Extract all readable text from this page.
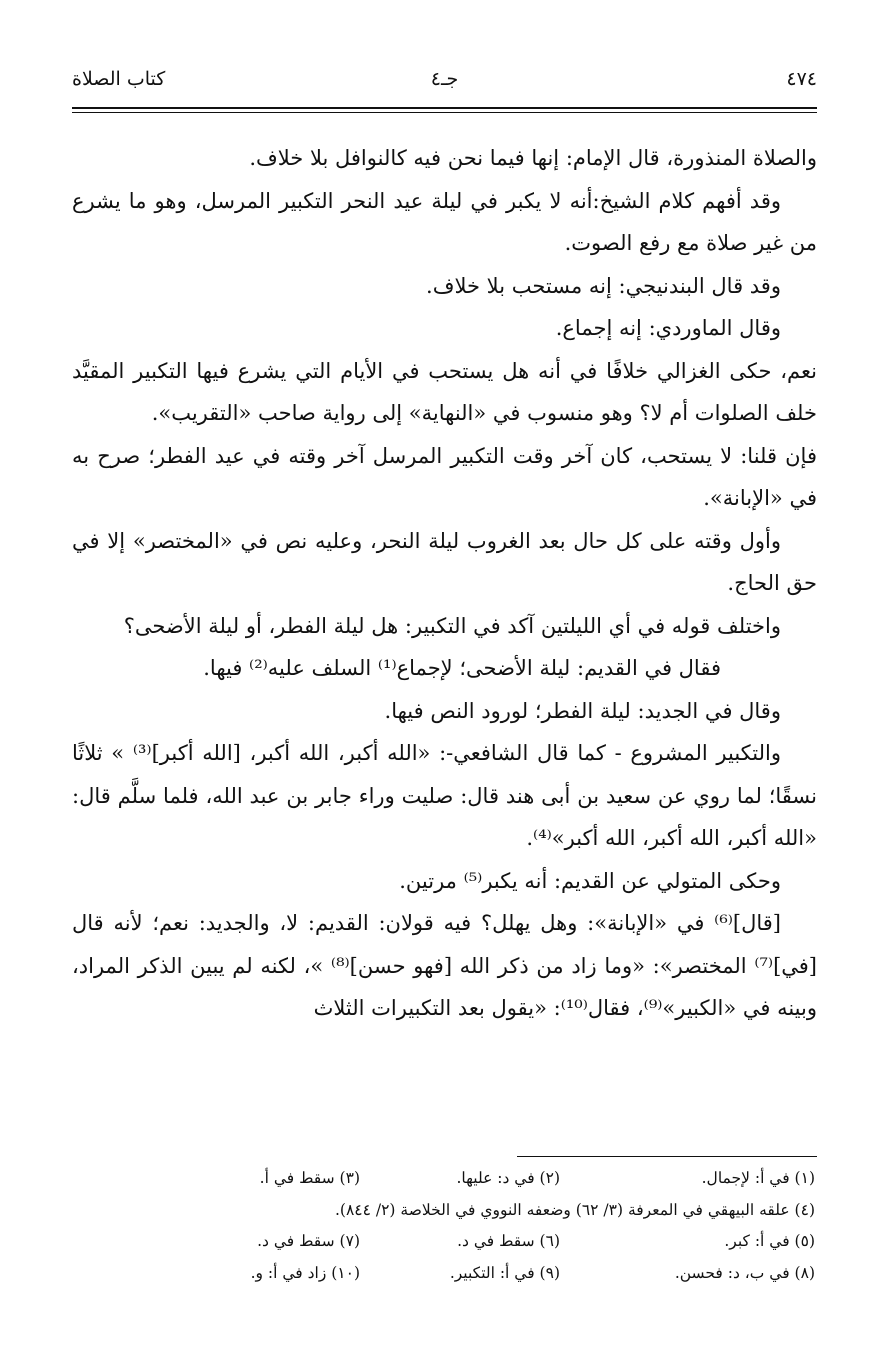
٤٧٤
جـ٤
كتاب الصلاة

والصلاة المنذورة، قال الإمام: إنها فيما نحن فيه كالنوافل بلا خلاف.

وقد أفهم كلام الشيخ:أنه لا يكبر في ليلة عيد النحر التكبير المرسل، وهو ما يشرع من غير صلاة مع رفع الصوت.

وقد قال البندنيجي: إنه مستحب بلا خلاف.

وقال الماوردي: إنه إجماع.

نعم، حكى الغزالي خلافًا في أنه هل يستحب في الأيام التي يشرع فيها التكبير المقيَّد خلف الصلوات أم لا؟ وهو منسوب في «النهاية» إلى رواية صاحب «التقريب».

فإن قلنا: لا يستحب، كان آخر وقت التكبير المرسل آخر وقته في عيد الفطر؛ صرح به في «الإبانة».

وأول وقته على كل حال بعد الغروب ليلة النحر، وعليه نص في «المختصر» إلا في حق الحاج.

واختلف قوله في أي الليلتين آكد في التكبير: هل ليلة الفطر، أو ليلة الأضحى؟

فقال في القديم: ليلة الأضحى؛ لإجماع⁽¹⁾ السلف عليه⁽²⁾ فيها.

وقال في الجديد: ليلة الفطر؛ لورود النص فيها.

والتكبير المشروع - كما قال الشافعي-: «الله أكبر، الله أكبر، [الله أكبر]⁽³⁾ » ثلاثًا نسقًا؛ لما روي عن سعيد بن أبى هند قال: صليت وراء جابر بن عبد الله، فلما سلَّم قال: «الله أكبر، الله أكبر، الله أكبر»⁽⁴⁾.

وحكى المتولي عن القديم: أنه يكبر⁽⁵⁾ مرتين.

[قال]⁽⁶⁾ في «الإبانة»: وهل يهلل؟ فيه قولان: القديم: لا، والجديد: نعم؛ لأنه قال [في]⁽⁷⁾ المختصر»: «وما زاد من ذكر الله [فهو حسن]⁽⁸⁾ »، لكنه لم يبين الذكر المراد، وبينه في «الكبير»⁽⁹⁾، فقال⁽¹⁰⁾: «يقول بعد التكبيرات الثلاث

(١) في أ: لإجمال.
(٢) في د: عليها.
(٣) سقط في أ.
(٤) علقه البيهقي في المعرفة (٣/ ٦٢) وضعفه النووي في الخلاصة (٢/ ٨٤٤).
(٥) في أ: كبر.
(٦) سقط في د.
(٧) سقط في د.
(٨) في ب، د: فحسن.
(٩) في أ: التكبير.
(١٠) زاد في أ: و.
